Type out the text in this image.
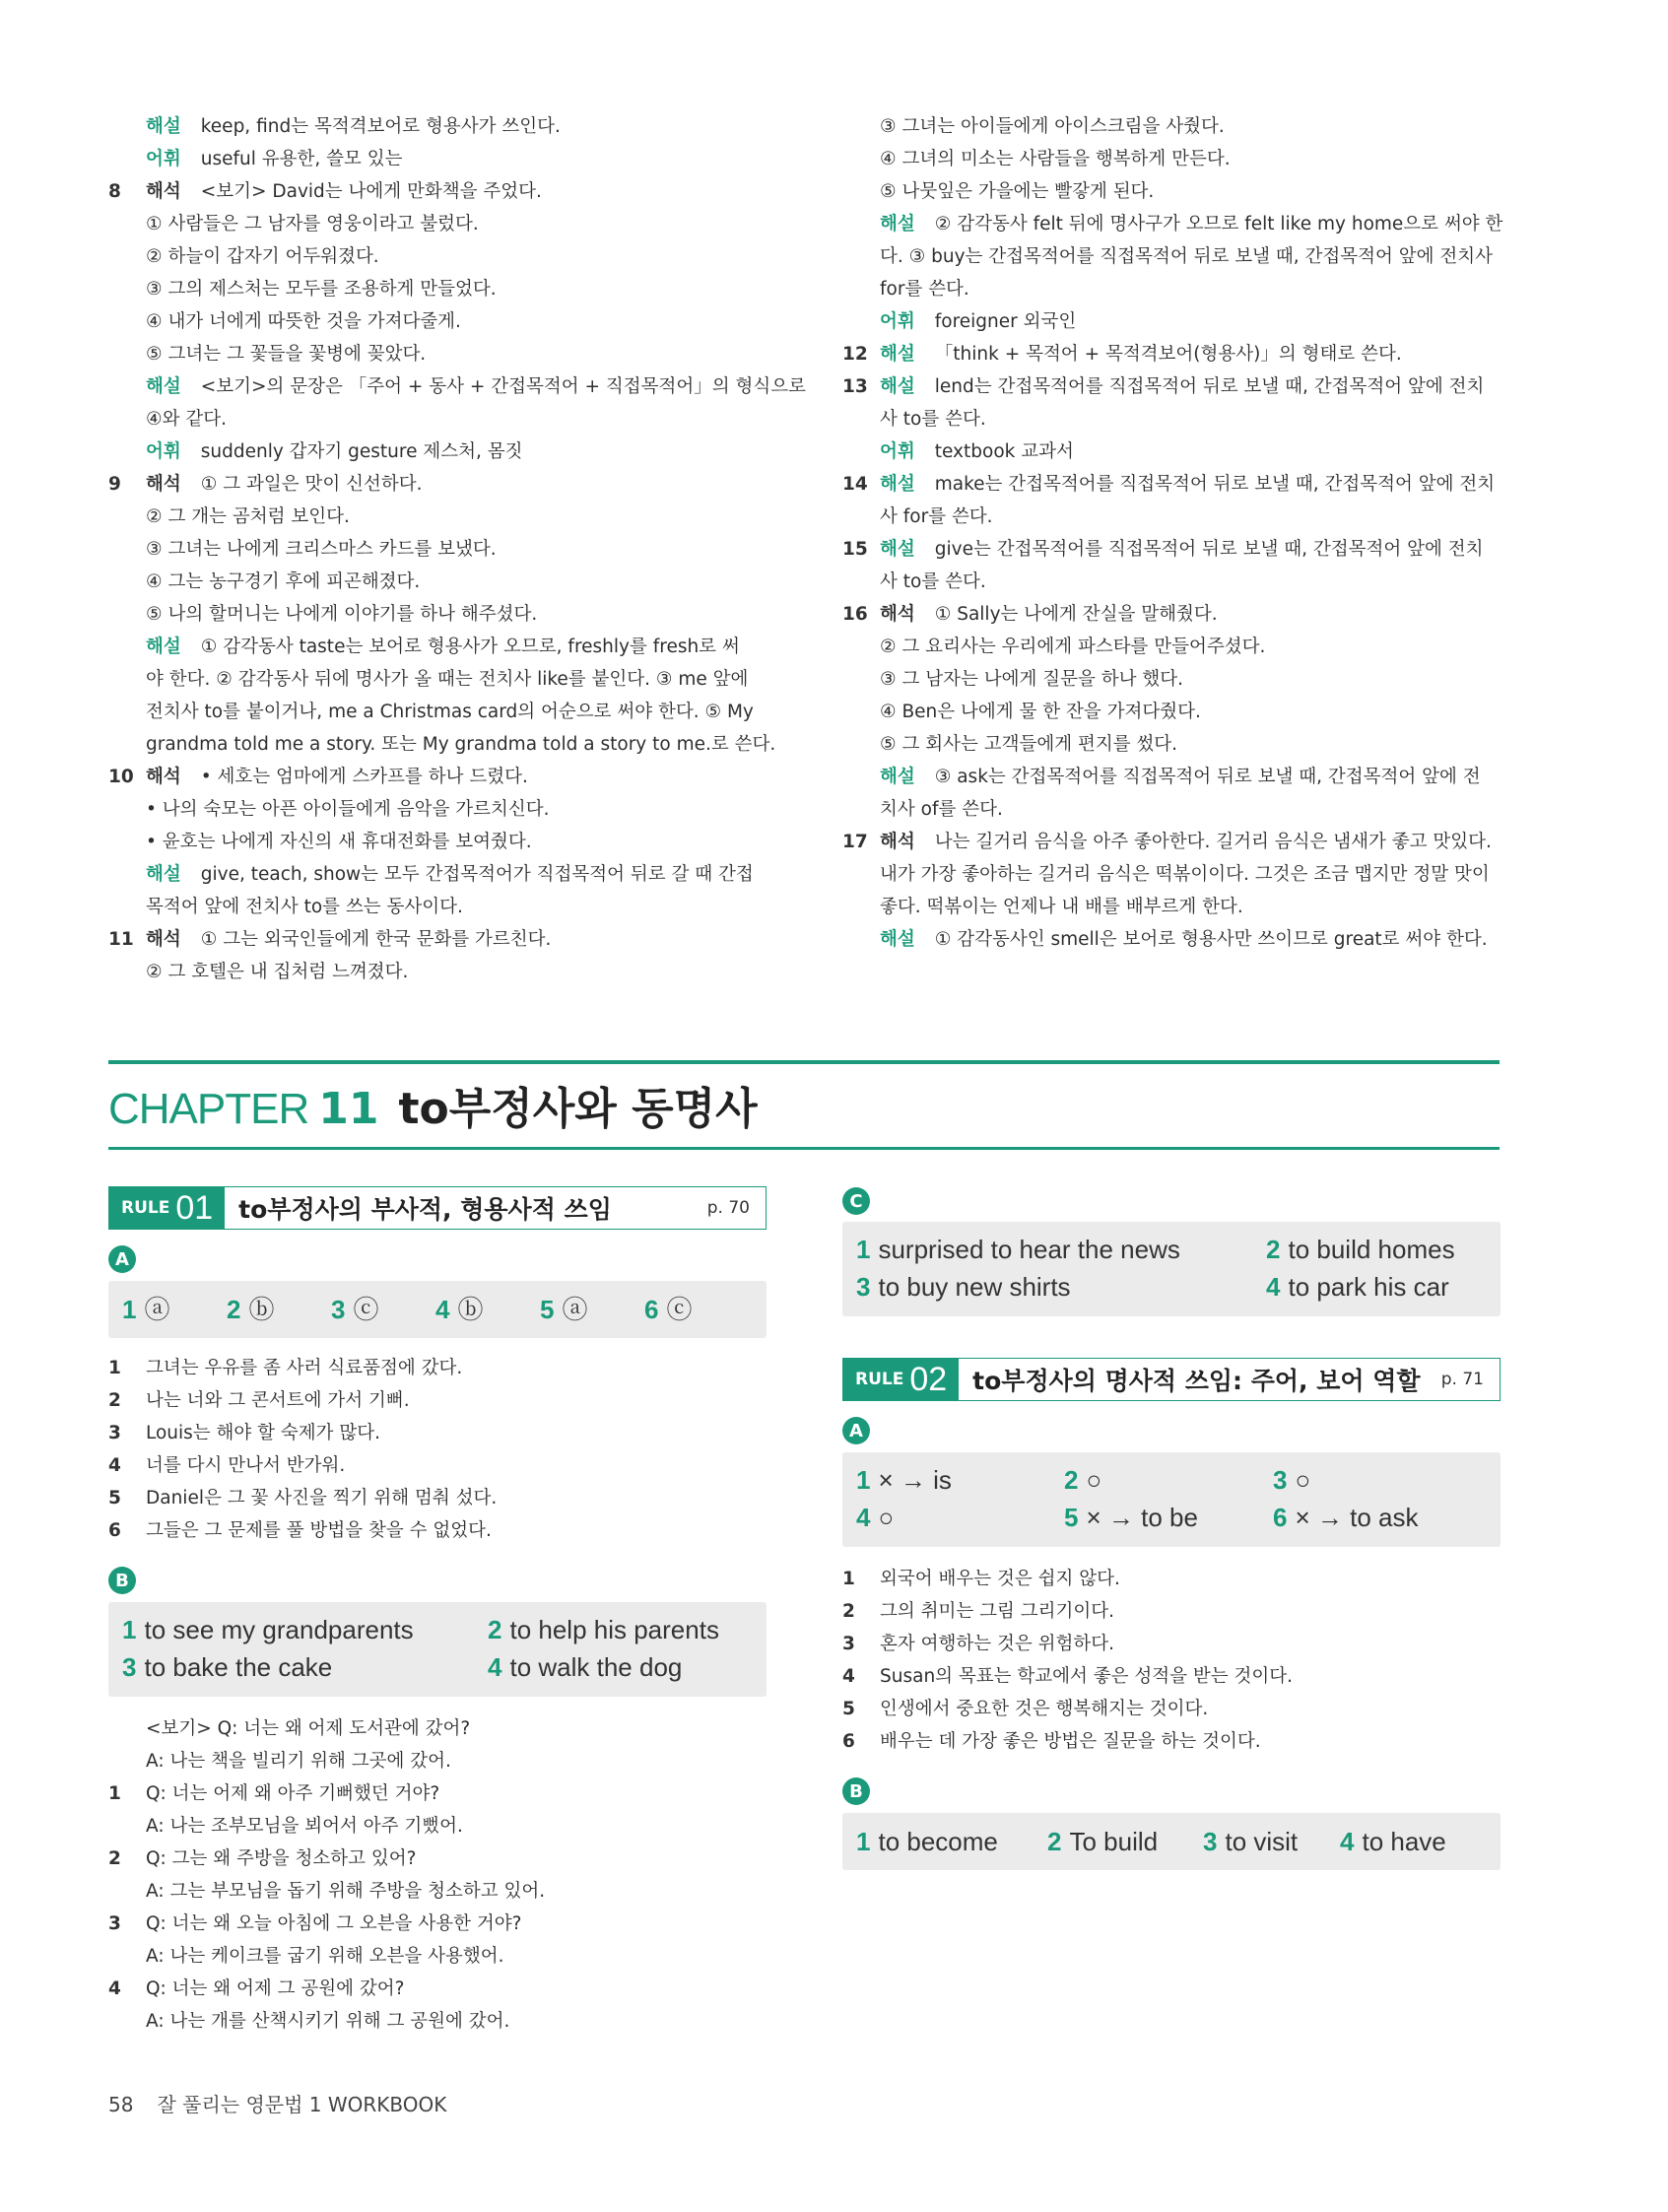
해설 keep, find는 목적격보어로 형용사가 쓰인다.
어휘 useful 유용한, 쓸모 있는
8 해석 <보기> David는 나에게 만화책을 주었다.
① 사람들은 그 남자를 영웅이라고 불렀다.
② 하늘이 갑자기 어두워졌다.
③ 그의 제스처는 모두를 조용하게 만들었다.
④ 내가 너에게 따뜻한 것을 가져다줄게.
⑤ 그녀는 그 꽃들을 꽃병에 꽂았다.
해설 <보기>의 문장은 「주어 + 동사 + 간접목적어 + 직접목적어」의 형식으로
④와 같다.
어휘 suddenly 갑자기 gesture 제스처, 몸짓
9 해석 ① 그 과일은 맛이 신선하다.
② 그 개는 곰처럼 보인다.
③ 그녀는 나에게 크리스마스 카드를 보냈다.
④ 그는 농구경기 후에 피곤해졌다.
⑤ 나의 할머니는 나에게 이야기를 하나 해주셨다.
해설 ① 감각동사 taste는 보어로 형용사가 오므로, freshly를 fresh로 써
야 한다. ② 감각동사 뒤에 명사가 올 때는 전치사 like를 붙인다. ③ me 앞에
전치사 to를 붙이거나, me a Christmas card의 어순으로 써야 한다. ⑤ My
grandma told me a story. 또는 My grandma told a story to me.로 쓴다.
10 해석 • 세호는 엄마에게 스카프를 하나 드렸다.
• 나의 숙모는 아픈 아이들에게 음악을 가르치신다.
• 윤호는 나에게 자신의 새 휴대전화를 보여줬다.
해설 give, teach, show는 모두 간접목적어가 직접목적어 뒤로 갈 때 간접
목적어 앞에 전치사 to를 쓰는 동사이다.
11 해석 ① 그는 외국인들에게 한국 문화를 가르친다.
② 그 호텔은 내 집처럼 느껴졌다.
③ 그녀는 아이들에게 아이스크림을 사줬다.
④ 그녀의 미소는 사람들을 행복하게 만든다.
⑤ 나뭇잎은 가을에는 빨갛게 된다.
해설 ② 감각동사 felt 뒤에 명사구가 오므로 felt like my home으로 써야 한
다. ③ buy는 간접목적어를 직접목적어 뒤로 보낼 때, 간접목적어 앞에 전치사
for를 쓴다.
어휘 foreigner 외국인
12 해설 「think + 목적어 + 목적격보어(형용사)」의 형태로 쓴다.
13 해설 lend는 간접목적어를 직접목적어 뒤로 보낼 때, 간접목적어 앞에 전치
사 to를 쓴다.
어휘 textbook 교과서
14 해설 make는 간접목적어를 직접목적어 뒤로 보낼 때, 간접목적어 앞에 전치
사 for를 쓴다.
15 해설 give는 간접목적어를 직접목적어 뒤로 보낼 때, 간접목적어 앞에 전치
사 to를 쓴다.
16 해석 ① Sally는 나에게 잔실을 말해줬다.
② 그 요리사는 우리에게 파스타를 만들어주셨다.
③ 그 남자는 나에게 질문을 하나 했다.
④ Ben은 나에게 물 한 잔을 가져다줬다.
⑤ 그 회사는 고객들에게 편지를 썼다.
해설 ③ ask는 간접목적어를 직접목적어 뒤로 보낼 때, 간접목적어 앞에 전
치사 of를 쓴다.
17 해석 나는 길거리 음식을 아주 좋아한다. 길거리 음식은 냄새가 좋고 맛있다.
내가 가장 좋아하는 길거리 음식은 떡볶이이다. 그것은 조금 맵지만 정말 맛이
좋다. 떡볶이는 언제나 내 배를 배부르게 한다.
해설 ① 감각동사인 smell은 보어로 형용사만 쓰이므로 great로 써야 한다.
CHAPTER 11 to부정사와 동명사
RULE 01 to부정사의 부사적, 형용사적 쓰임	p. 70
A
1 ⓐ 2 ⓑ 3 ⓒ 4 ⓑ 5 ⓐ 6 ⓒ
1 그녀는 우유를 좀 사러 식료품점에 갔다.
2 나는 너와 그 콘서트에 가서 기뻐.
3 Louis는 해야 할 숙제가 많다.
4 너를 다시 만나서 반가워.
5 Daniel은 그 꽃 사진을 찍기 위해 멈춰 섰다.
6 그들은 그 문제를 풀 방법을 찾을 수 없었다.
B
1 to see my grandparents	2 to help his parents
3 to bake the cake	4 to walk the dog
<보기> Q: 너는 왜 어제 도서관에 갔어?
A: 나는 책을 빌리기 위해 그곳에 갔어.
1 Q: 너는 어제 왜 아주 기뻐했던 거야?
A: 나는 조부모님을 뵈어서 아주 기뻤어.
2 Q: 그는 왜 주방을 청소하고 있어?
A: 그는 부모님을 돕기 위해 주방을 청소하고 있어.
3 Q: 너는 왜 오늘 아침에 그 오븐을 사용한 거야?
A: 나는 케이크를 굽기 위해 오븐을 사용했어.
4 Q: 너는 왜 어제 그 공원에 갔어?
A: 나는 개를 산책시키기 위해 그 공원에 갔어.
C
1 surprised to hear the news	2 to build homes
3 to buy new shirts	4 to park his car
RULE 02 to부정사의 명사적 쓰임: 주어, 보어 역할	p. 71
A
1 × → is	2 ○	3 ○
4 ○	5 × → to be	6 × → to ask
1 외국어 배우는 것은 쉽지 않다.
2 그의 취미는 그림 그리기이다.
3 혼자 여행하는 것은 위험하다.
4 Susan의 목표는 학교에서 좋은 성적을 받는 것이다.
5 인생에서 중요한 것은 행복해지는 것이다.
6 배우는 데 가장 좋은 방법은 질문을 하는 것이다.
B
1 to become 2 To build 3 to visit 4 to have
58 잘 풀리는 영문법 1 WORKBOOK
